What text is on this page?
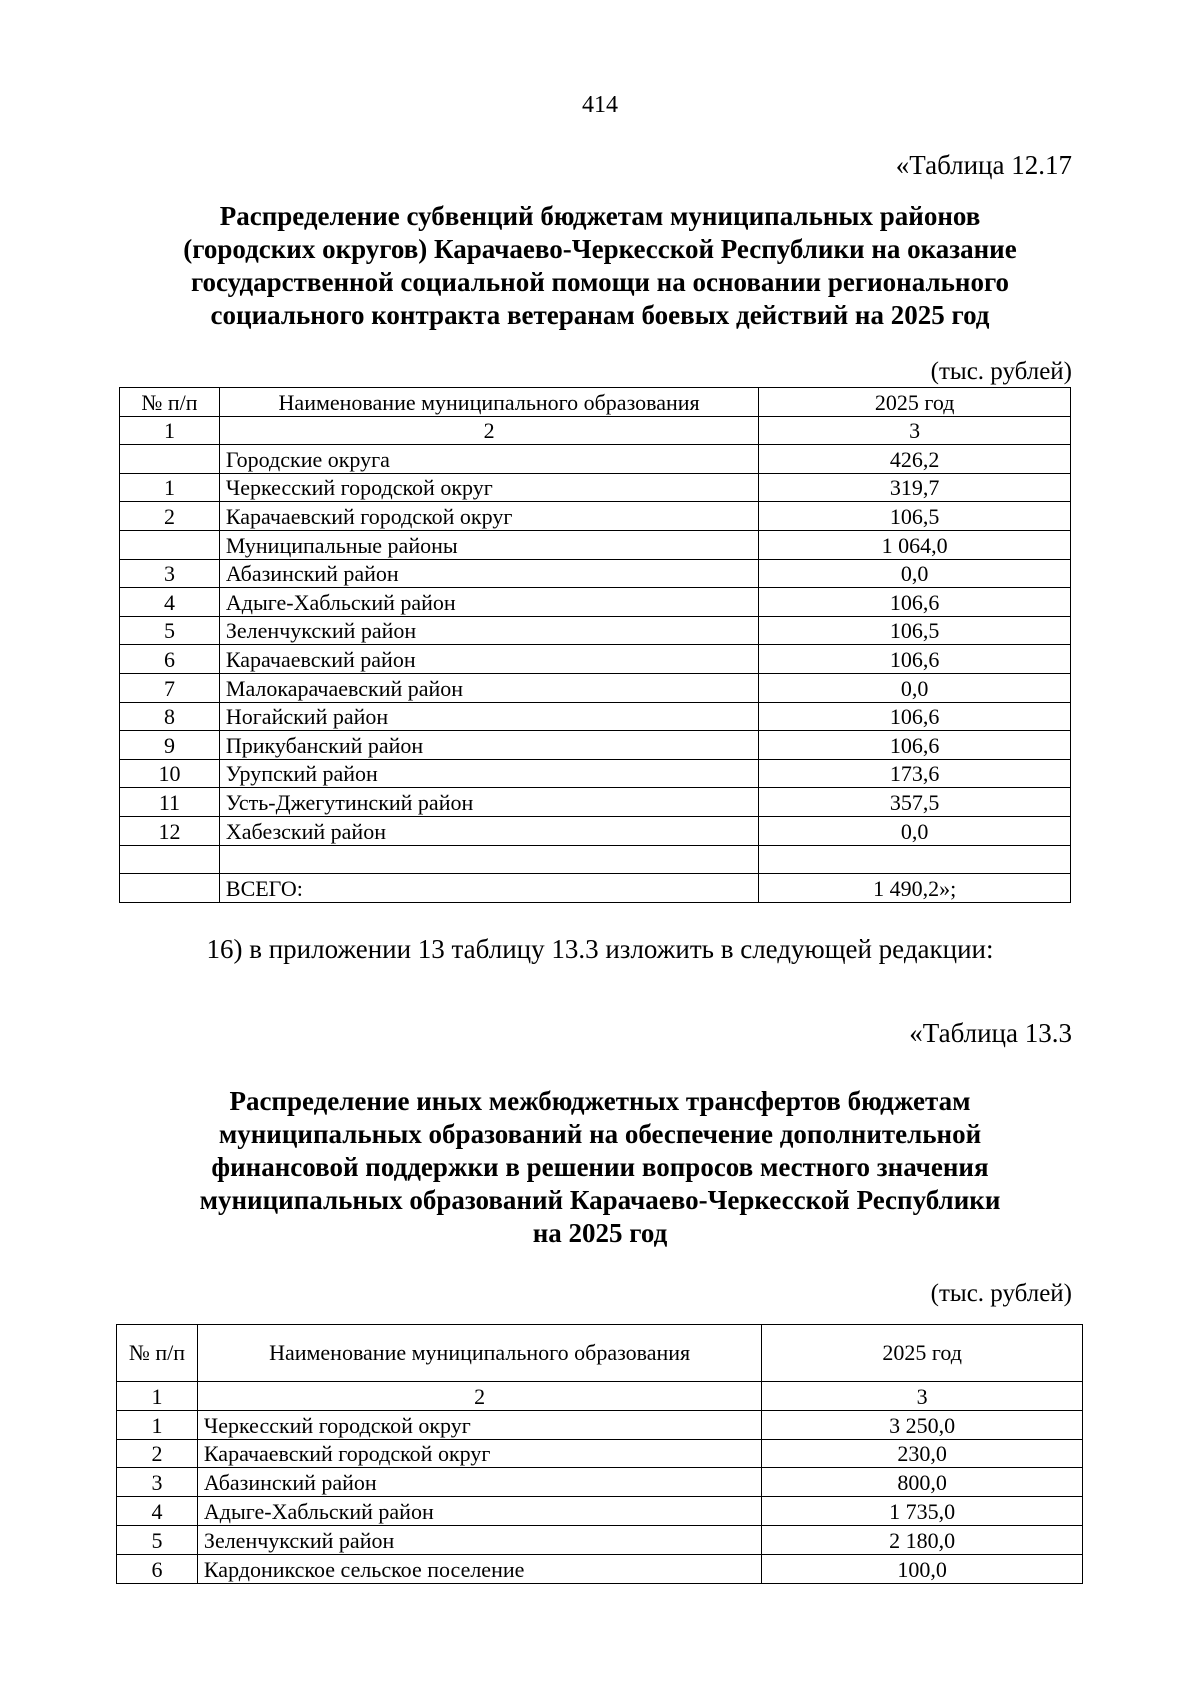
414
«Таблица 12.17
Распределение субвенций бюджетам муниципальных районов
(городских округов) Карачаево-Черкесской Республики на оказание
государственной социальной помощи на основании регионального
социального контракта ветеранам боевых действий на 2025 год
(тыс. рублей)
№ п/п	Наименование муниципального образования	2025 год
1	2	3
	Городские округа	426,2
1	Черкесский городской округ	319,7
2	Карачаевский городской округ	106,5
	Муниципальные районы	1 064,0
3	Абазинский район	0,0
4	Адыге-Хабльский район	106,6
5	Зеленчукский район	106,5
6	Карачаевский район	106,6
7	Малокарачаевский район	0,0
8	Ногайский район	106,6
9	Прикубанский район	106,6
10	Урупский район	173,6
11	Усть-Джегутинский район	357,5
12	Хабезский район	0,0

	ВСЕГО:	1 490,2»;
16) в приложении 13 таблицу 13.3 изложить в следующей редакции:
«Таблица 13.3
Распределение иных межбюджетных трансфертов бюджетам
муниципальных образований на обеспечение дополнительной
финансовой поддержки в решении вопросов местного значения
муниципальных образований Карачаево-Черкесской Республики
на 2025 год
(тыс. рублей)
№ п/п	Наименование муниципального образования	2025 год
1	2	3
1	Черкесский городской округ	3 250,0
2	Карачаевский городской округ	230,0
3	Абазинский район	800,0
4	Адыге-Хабльский район	1 735,0
5	Зеленчукский район	2 180,0
6	Кардоникское сельское поселение	100,0
